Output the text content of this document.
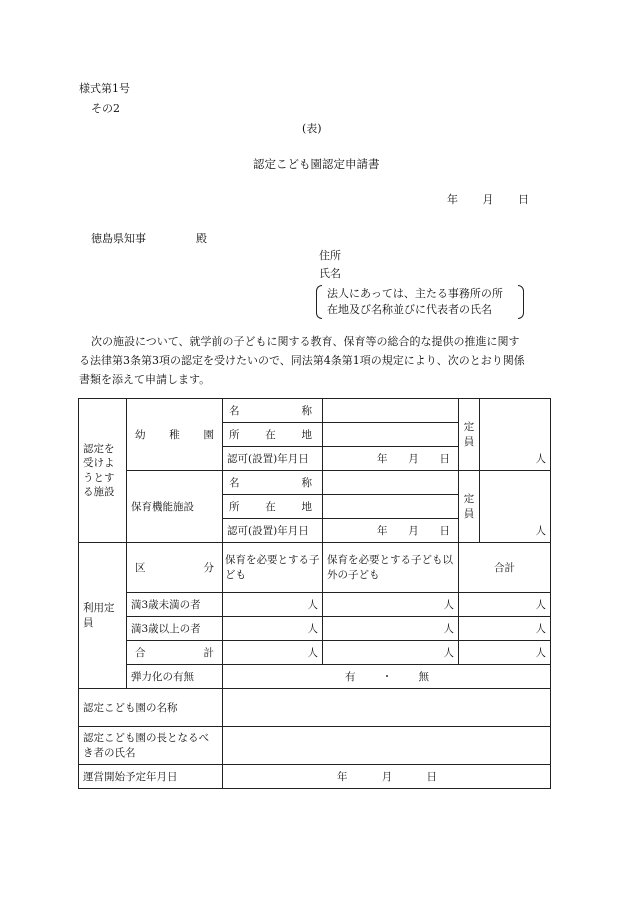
様式第1号
その2
(表)
認定こども園認定申請書
年 月 日
徳島県知事	殿
住所
氏名
法人にあっては、主たる事務所の所
在地及び名称並びに代表者の氏名
次の施設について、就学前の子どもに関する教育、保育等の総合的な提供の推進に関す
る法律第3条第3項の認定を受けたいので、同法第4条第1項の規定により、次のとおり関係
書類を添えて申請します。
認定を受けようとする施設	幼 稚 園	名 称		定員	人

		所 在 地			

		認可(設置)年月日	年 月 日		

	保育機能施設	名 称		定員	人

		所 在 地			

		認可(設置)年月日	年 月 日		

利用定員	区 分	保育を必要とする子ども	保育を必要とする子ども以外の子ども	合計	
	満3歳未満の者	人	人	人	
	満3歳以上の者	人	人	人	

	合 計	人	人	人	
	弾力化の有無	有 ・ 無			

認定こども園の名称					
認定こども園の長となるべき者の氏名					
運営開始予定年月日		年 月 日			
